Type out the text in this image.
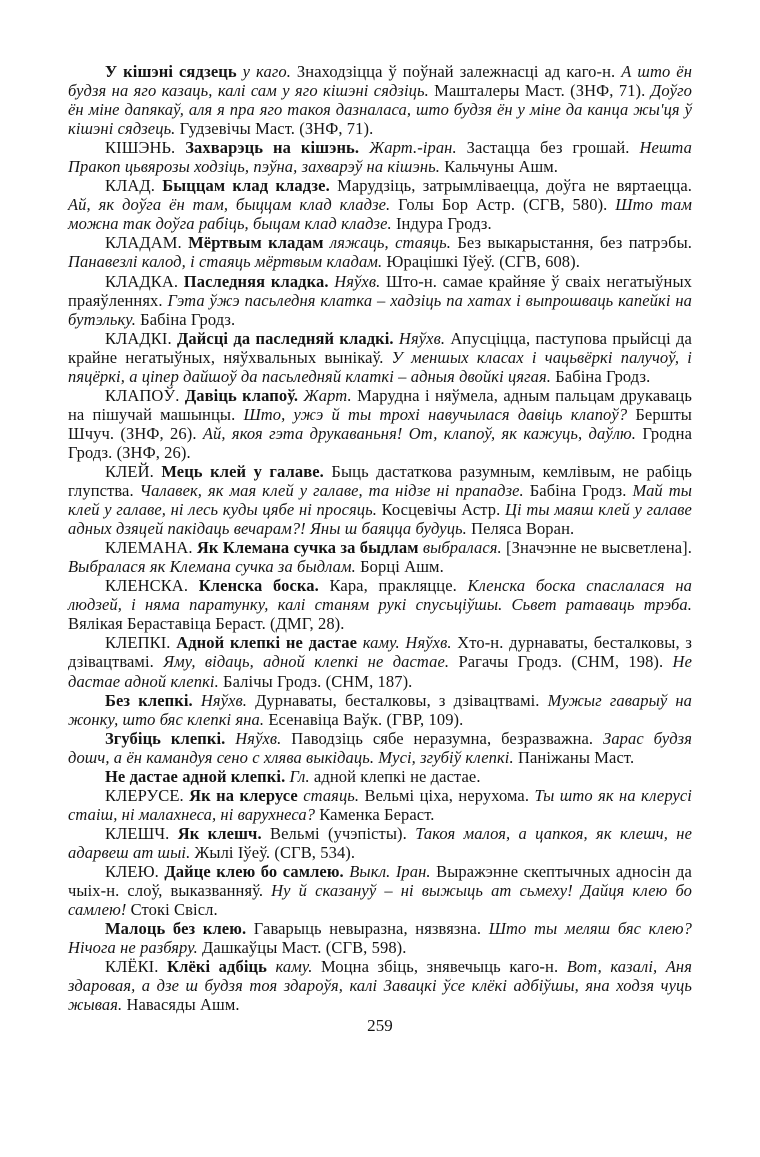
У кішэні сядзець у каго. Знаходзіцца ў поўнай залежнасці ад каго-н. А што ён будзя на яго казаць, калі сам у яго кішэні сядзіць. Машталеры Маст. (ЗНФ, 71). Доўго ён міне дапякаў, аля я пра яго такоя дазналаса, што будзя ён у міне да канца жы'ця ў кішэні сядзець. Гудзевічы Маст. (ЗНФ, 71).

КІШЭНЬ. Захварэць на кішэнь. Жарт.-іран. Застацца без грошай. Нешта Пракоп цьвярозы ходзіць, пэўна, захварэў на кішэнь. Кальчуны Ашм.

КЛАД. Быццам клад кладзе. Марудзіць, затрымліваецца, доўга не вяртаецца. Ай, як доўга ён там, быццам клад кладзе. Голы Бор Астр. (СГВ, 580). Што там можна так доўга рабіць, быцам клад кладзе. Індура Гродз.

КЛАДАМ. Мёртвым кладам ляжаць, стаяць. Без выкарыстання, без патрэбы. Панавезлі калод, і стаяць мёртвым кладам. Юрацішкі Іўеў. (СГВ, 608).

КЛАДКА. Паследняя кладка. Няўхв. Што-н. самае крайняе ў сваіх негатыўных праяўленнях. Гэта ўжэ пасьледня клатка – хадзіць па хатах і выпрошваць капейкі на бутэльку. Бабіна Гродз.

КЛАДКІ. Дайсці да паследняй кладкі. Няўхв. Апусціцца, паступова прыйсці да крайне негатыўных, няўхвальных вынікаў. У меншых класах і чацьвёркі палучоў, і пяцёркі, а ціпер дайшоў да пасьледняй клаткі – адныя двойкі цягая. Бабіна Гродз.

КЛАПОЎ. Давіць клапоў. Жарт. Марудна і няўмела, адным пальцам друкаваць на пішучай машынцы. Што, ужэ й ты трохі навучылася давіць клапоў? Бершты Шчуч. (ЗНФ, 26). Ай, якоя гэта друкаваньня! От, клапоў, як кажуць, даўлю. Гродна Гродз. (ЗНФ, 26).

КЛЕЙ. Мець клей у галаве. Быць дастаткова разумным, кемлівым, не рабіць глупства. Чалавек, як мая клей у галаве, та нідзе ні прападзе. Бабіна Гродз. Май ты клей у галаве, ні лесь куды цябе ні просяць. Косцевічы Астр. Ці ты маяш клей у галаве адных дзяцей пакідаць вечарам?! Яны ш баяцца будуць. Пеляса Воран.

КЛЕМАНА. Як Клемана сучка за быдлам выбралася. [Значэнне не высветлена]. Выбралася як Клемана сучка за быдлам. Борці Ашм.

КЛЕНСКА. Кленска боска. Кара, пракляцце. Кленска боска спаслалася на людзей, і няма паратунку, калі станям рукі спусьціўшы. Сьвет ратаваць трэба. Вялікая Бераставіца Бераст. (ДМГ, 28).

КЛЕПКІ. Адной клепкі не дастае каму. Няўхв. Хто-н. дурнаваты, бесталковы, з дзівацтвамі. Яму, відаць, адной клепкі не дастае. Рагачы Гродз. (СНМ, 198). Не дастае адной клепкі. Балічы Гродз. (СНМ, 187).

Без клепкі. Няўхв. Дурнаваты, бесталковы, з дзівацтвамі. Мужыг гаварыў на жонку, што бяс клепкі яна. Есенавіца Ваўк. (ГВР, 109).

Згубіць клепкі. Няўхв. Паводзіць сябе неразумна, безразважна. Зарас будзя дошч, а ён камандуя сено с хлява выкідаць. Мусі, згубіў клепкі. Паніжаны Маст.

Не дастае адной клепкі. Гл. адной клепкі не дастае.

КЛЕРУСЕ. Як на клерусе стаяць. Вельмі ціха, нерухома. Ты што як на клерусі стаіш, ні малахнеса, ні варухнеса? Каменка Бераст.

КЛЕШЧ. Як клешч. Вельмі (учэпісты). Такоя малоя, а цапкоя, як клешч, не адарвеш ат шыі. Жылі Іўеў. (СГВ, 534).

КЛЕЮ. Дайце клею бо самлею. Выкл. Іран. Выражэнне скептычных адносін да чыіх-н. слоў, выказванняў. Ну й сказануў – ні выжыць ат сьмеху! Дайця клею бо самлею! Стокі Свісл.

Малоць без клею. Гаварыць невыразна, нязвязна. Што ты меляш бяс клею? Нічога не разбяру. Дашкаўцы Маст. (СГВ, 598).

КЛЁКІ. Клёкі адбіць каму. Моцна збіць, знявечыць каго-н. Вот, казалі, Аня здаровая, а дзе ш будзя тоя здароўя, калі Завацкі ўсе клёкі адбіўшы, яна ходзя чуць жывая. Навасяды Ашм.

259
